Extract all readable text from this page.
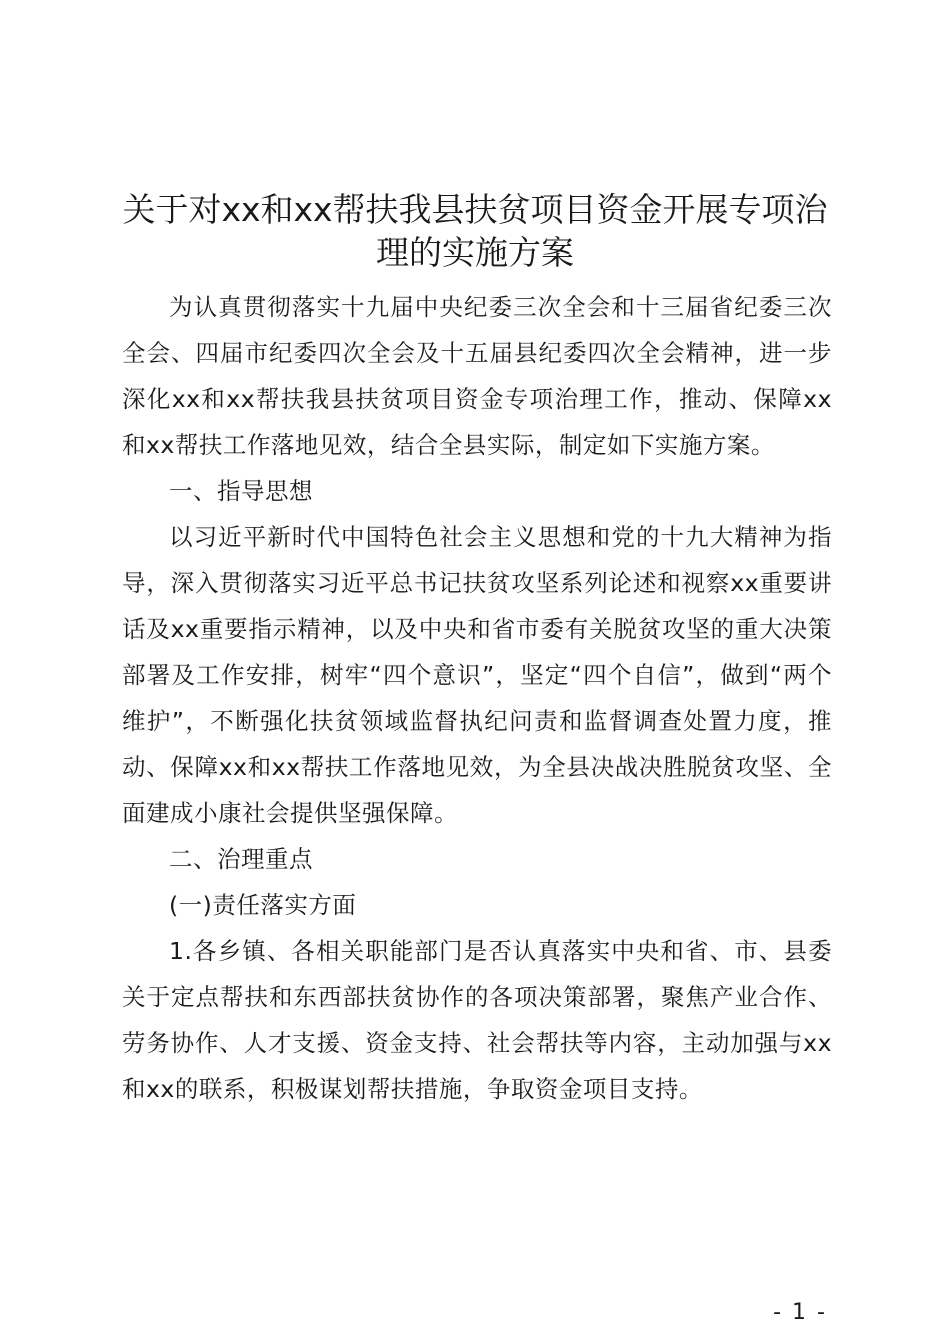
关于对xx和xx帮扶我县扶贫项目资金开展专项治理的实施方案

为认真贯彻落实十九届中央纪委三次全会和十三届省纪委三次全会、四届市纪委四次全会及十五届县纪委四次全会精神，进一步深化xx和xx帮扶我县扶贫项目资金专项治理工作，推动、保障xx和xx帮扶工作落地见效，结合全县实际，制定如下实施方案。

一、指导思想

以习近平新时代中国特色社会主义思想和党的十九大精神为指导，深入贯彻落实习近平总书记扶贫攻坚系列论述和视察xx重要讲话及xx重要指示精神，以及中央和省市委有关脱贫攻坚的重大决策部署及工作安排，树牢“四个意识”，坚定“四个自信”，做到“两个维护”，不断强化扶贫领域监督执纪问责和监督调查处置力度，推动、保障xx和xx帮扶工作落地见效，为全县决战决胜脱贫攻坚、全面建成小康社会提供坚强保障。

二、治理重点

(一)责任落实方面

1.各乡镇、各相关职能部门是否认真落实中央和省、市、县委关于定点帮扶和东西部扶贫协作的各项决策部署，聚焦产业合作、劳务协作、人才支援、资金支持、社会帮扶等内容，主动加强与xx和xx的联系，积极谋划帮扶措施，争取资金项目支持。

- 1 -
